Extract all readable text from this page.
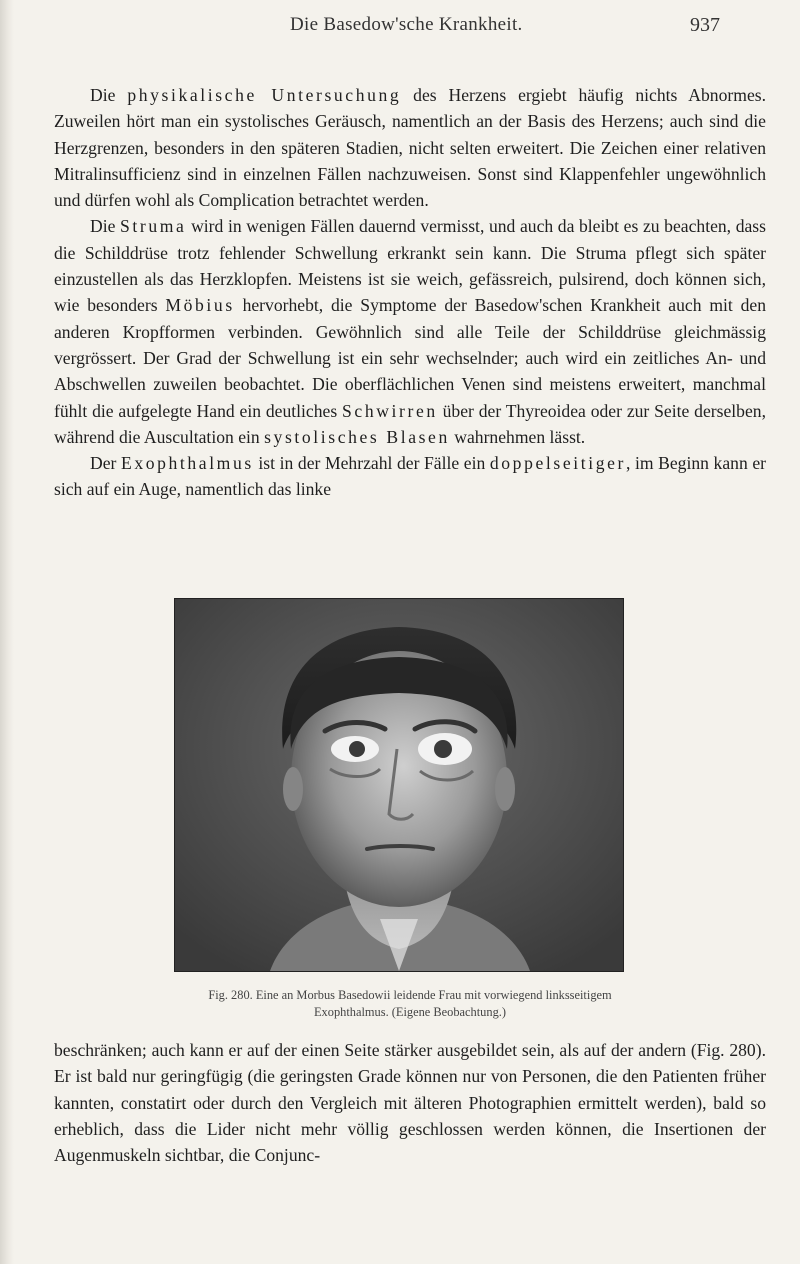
Die Basedow'sche Krankheit.	937

Die physikalische Untersuchung des Herzens ergiebt häufig nichts Abnormes. Zuweilen hört man ein systolisches Geräusch, namentlich an der Basis des Herzens; auch sind die Herzgrenzen, besonders in den späteren Stadien, nicht selten erweitert. Die Zeichen einer relativen Mitralinsufficienz sind in einzelnen Fällen nachzuweisen. Sonst sind Klappenfehler ungewöhnlich und dürfen wohl als Complication betrachtet werden.

Die Struma wird in wenigen Fällen dauernd vermisst, und auch da bleibt es zu beachten, dass die Schilddrüse trotz fehlender Schwellung erkrankt sein kann. Die Struma pflegt sich später einzustellen als das Herzklopfen. Meistens ist sie weich, gefässreich, pulsirend, doch können sich, wie besonders Möbius hervorhebt, die Symptome der Basedow'schen Krankheit auch mit den anderen Kropfformen verbinden. Gewöhnlich sind alle Teile der Schilddrüse gleichmässig vergrössert. Der Grad der Schwellung ist ein sehr wechselnder; auch wird ein zeitliches An- und Abschwellen zuweilen beobachtet. Die oberflächlichen Venen sind meistens erweitert, manchmal fühlt die aufgelegte Hand ein deutliches Schwirren über der Thyreoidea oder zur Seite derselben, während die Auscultation ein systolisches Blasen wahrnehmen lässt.

Der Exophthalmus ist in der Mehrzahl der Fälle ein doppelseitiger, im Beginn kann er sich auf ein Auge, namentlich das linke

Fig. 280. Eine an Morbus Basedowii leidende Frau mit vorwiegend linksseitigem
Exophthalmus. (Eigene Beobachtung.)

beschränken; auch kann er auf der einen Seite stärker ausgebildet sein, als auf der andern (Fig. 280). Er ist bald nur geringfügig (die geringsten Grade können nur von Personen, die den Patienten früher kannten, constatirt oder durch den Vergleich mit älteren Photographien ermittelt werden), bald so erheblich, dass die Lider nicht mehr völlig geschlossen werden können, die Insertionen der Augenmuskeln sichtbar, die Conjunc-
